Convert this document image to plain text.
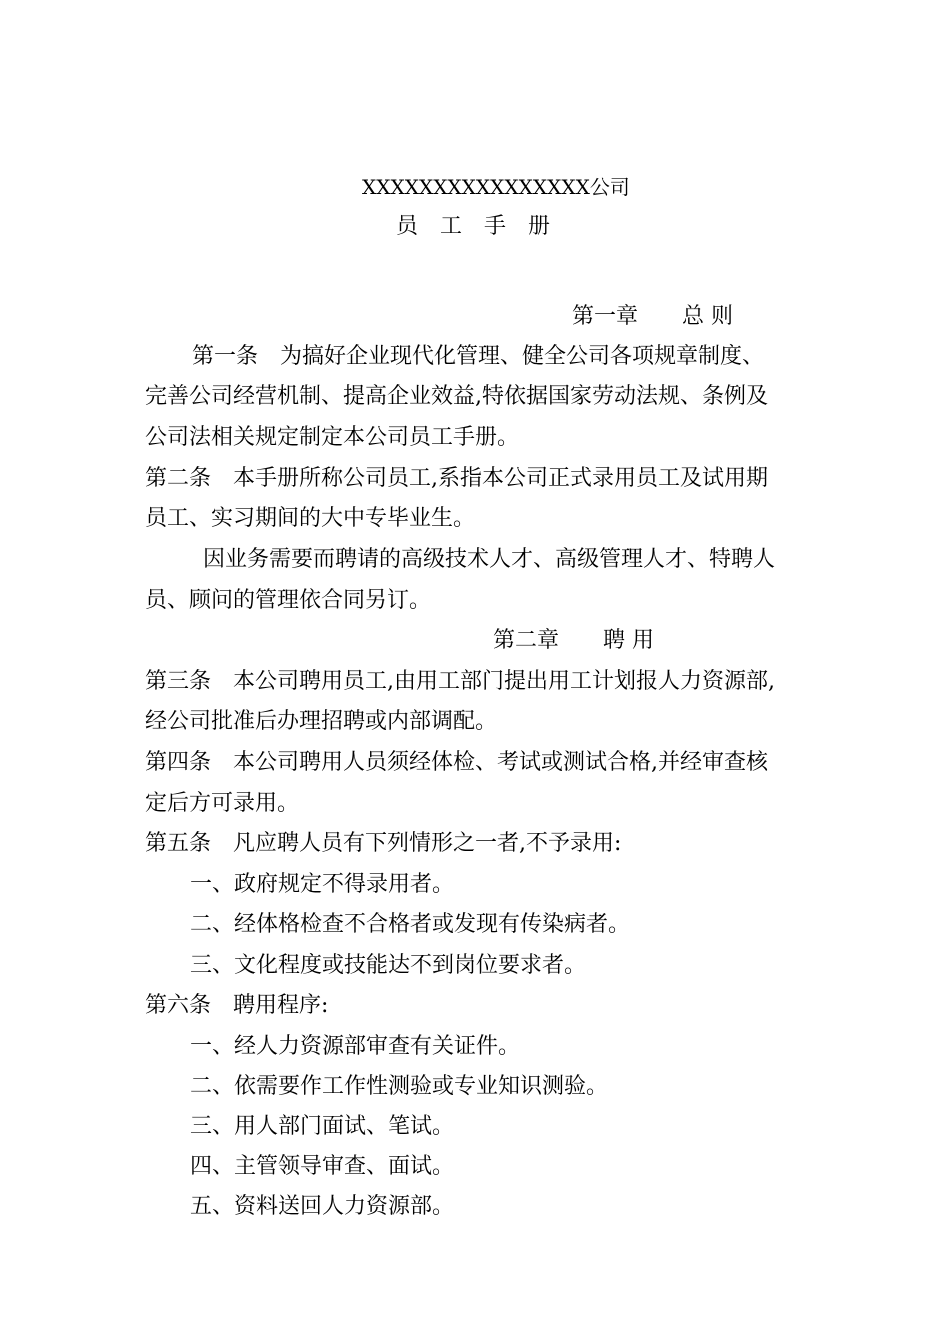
XXXXXXXXXXXXXXXX公司
员　工　手　册
第一章 总 则
第一条　为搞好企业现代化管理、健全公司各项规章制度、
完善公司经营机制、提高企业效益,特依据国家劳动法规、条例及
公司法相关规定制定本公司员工手册。
第二条　本手册所称公司员工,系指本公司正式录用员工及试用期
员工、实习期间的大中专毕业生。
因业务需要而聘请的高级技术人才、高级管理人才、特聘人
员、顾问的管理依合同另订。
第二章 聘 用
第三条　本公司聘用员工,由用工部门提出用工计划报人力资源部,
经公司批准后办理招聘或内部调配。
第四条　本公司聘用人员须经体检、考试或测试合格,并经审查核
定后方可录用。
第五条　凡应聘人员有下列情形之一者,不予录用:
一、政府规定不得录用者。
二、经体格检查不合格者或发现有传染病者。
三、文化程度或技能达不到岗位要求者。
第六条　聘用程序:
一、经人力资源部审查有关证件。
二、依需要作工作性测验或专业知识测验。
三、用人部门面试、笔试。
四、主管领导审查、面试。
五、资料送回人力资源部。
